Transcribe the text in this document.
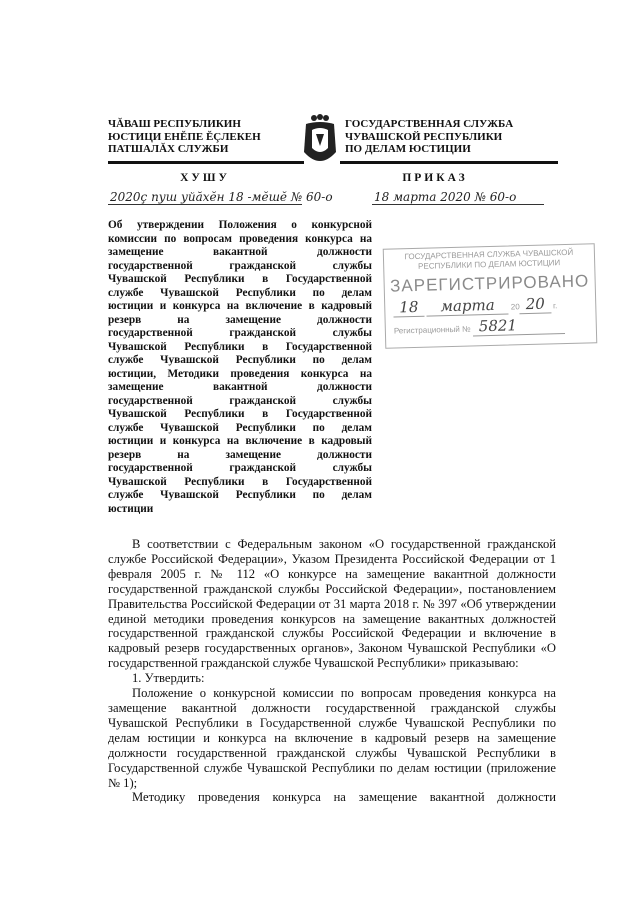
ЧĂВАШ РЕСПУБЛИКИН
ЮСТИЦИ ЕНĔПЕ ĔÇЛЕКЕН
ПАТШАЛĂХ СЛУЖБИ
ГОСУДАРСТВЕННАЯ СЛУЖБА
ЧУВАШСКОЙ РЕСПУБЛИКИ
ПО ДЕЛАМ ЮСТИЦИИ
ХУШУ	ПРИКАЗ
2020ç пуш уйăхĕн 18 -мĕшĕ № 60-о	18 марта 2020 № 60-о
Об утверждении Положения о конкурсной
комиссии по вопросам проведения конкурса на
замещение вакантной должности
государственной гражданской службы
Чувашской Республики в Государственной
службе Чувашской Республики по делам
юстиции и конкурса на включение в кадровый
резерв на замещение должности
государственной гражданской службы
Чувашской Республики в Государственной
службе Чувашской Республики по делам
юстиции, Методики проведения конкурса на
замещение вакантной должности
государственной гражданской службы
Чувашской Республики в Государственной
службе Чувашской Республики по делам
юстиции и конкурса на включение в кадровый
резерв на замещение должности
государственной гражданской службы
Чувашской Республики в Государственной
службе Чувашской Республики по делам
юстиции
ГОСУДАРСТВЕННАЯ СЛУЖБА ЧУВАШСКОЙ
РЕСПУБЛИКИ ПО ДЕЛАМ ЮСТИЦИИ
ЗАРЕГИСТРИРОВАНО
18 марта 20 20 г.
Регистрационный № 5821
В соответствии с Федеральным законом «О государственной гражданской
службе Российской Федерации», Указом Президента Российской Федерации от 1
февраля 2005 г. № 112 «О конкурсе на замещение вакантной должности
государственной гражданской службы Российской Федерации», постановлением
Правительства Российской Федерации от 31 марта 2018 г. № 397 «Об утверждении
единой методики проведения конкурсов на замещение вакантных должностей
государственной гражданской службы Российской Федерации и включение в
кадровый резерв государственных органов», Законом Чувашской Республики «О
государственной гражданской службе Чувашской Республики» приказываю:
1. Утвердить:
Положение о конкурсной комиссии по вопросам проведения конкурса на
замещение вакантной должности государственной гражданской службы
Чувашской Республики в Государственной службе Чувашской Республики по
делам юстиции и конкурса на включение в кадровый резерв на замещение
должности государственной гражданской службы Чувашской Республики в
Государственной службе Чувашской Республики по делам юстиции (приложение
№ 1);
Методику проведения конкурса на замещение вакантной должности
